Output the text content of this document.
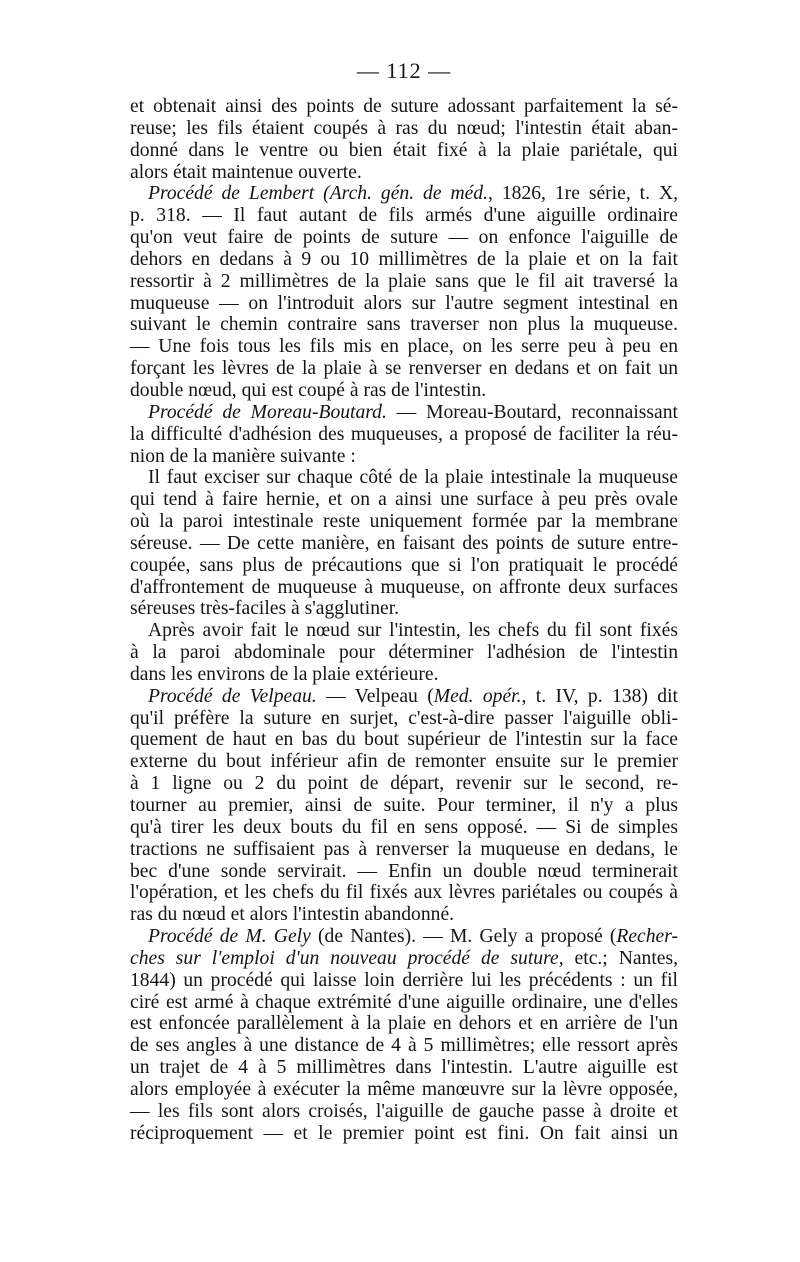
— 112 —
et obtenait ainsi des points de suture adossant parfaitement la sé-
reuse; les fils étaient coupés à ras du nœud; l'intestin était aban-
donné dans le ventre ou bien était fixé à la plaie pariétale, qui
alors était maintenue ouverte.
Procédé de Lembert (Arch. gén. de méd., 1826, 1re série, t. X,
p. 318. — Il faut autant de fils armés d'une aiguille ordinaire
qu'on veut faire de points de suture — on enfonce l'aiguille de
dehors en dedans à 9 ou 10 millimètres de la plaie et on la fait
ressortir à 2 millimètres de la plaie sans que le fil ait traversé la
muqueuse — on l'introduit alors sur l'autre segment intestinal en
suivant le chemin contraire sans traverser non plus la muqueuse.
— Une fois tous les fils mis en place, on les serre peu à peu en
forçant les lèvres de la plaie à se renverser en dedans et on fait un
double nœud, qui est coupé à ras de l'intestin.
Procédé de Moreau-Boutard. — Moreau-Boutard, reconnaissant
la difficulté d'adhésion des muqueuses, a proposé de faciliter la réu-
nion de la manière suivante :
Il faut exciser sur chaque côté de la plaie intestinale la muqueuse
qui tend à faire hernie, et on a ainsi une surface à peu près ovale
où la paroi intestinale reste uniquement formée par la membrane
séreuse. — De cette manière, en faisant des points de suture entre-
coupée, sans plus de précautions que si l'on pratiquait le procédé
d'affrontement de muqueuse à muqueuse, on affronte deux surfaces
séreuses très-faciles à s'agglutiner.
Après avoir fait le nœud sur l'intestin, les chefs du fil sont fixés
à la paroi abdominale pour déterminer l'adhésion de l'intestin
dans les environs de la plaie extérieure.
Procédé de Velpeau. — Velpeau (Med. opér., t. IV, p. 138) dit
qu'il préfère la suture en surjet, c'est-à-dire passer l'aiguille obli-
quement de haut en bas du bout supérieur de l'intestin sur la face
externe du bout inférieur afin de remonter ensuite sur le premier
à 1 ligne ou 2 du point de départ, revenir sur le second, re-
tourner au premier, ainsi de suite. Pour terminer, il n'y a plus
qu'à tirer les deux bouts du fil en sens opposé. — Si de simples
tractions ne suffisaient pas à renverser la muqueuse en dedans, le
bec d'une sonde servirait. — Enfin un double nœud terminerait
l'opération, et les chefs du fil fixés aux lèvres pariétales ou coupés à
ras du nœud et alors l'intestin abandonné.
Procédé de M. Gely (de Nantes). — M. Gely a proposé (Recher-
ches sur l'emploi d'un nouveau procédé de suture, etc.; Nantes,
1844) un procédé qui laisse loin derrière lui les précédents : un fil
ciré est armé à chaque extrémité d'une aiguille ordinaire, une d'elles
est enfoncée parallèlement à la plaie en dehors et en arrière de l'un
de ses angles à une distance de 4 à 5 millimètres; elle ressort après
un trajet de 4 à 5 millimètres dans l'intestin. L'autre aiguille est
alors employée à exécuter la même manœuvre sur la lèvre opposée,
— les fils sont alors croisés, l'aiguille de gauche passe à droite et
réciproquement — et le premier point est fini. On fait ainsi un
